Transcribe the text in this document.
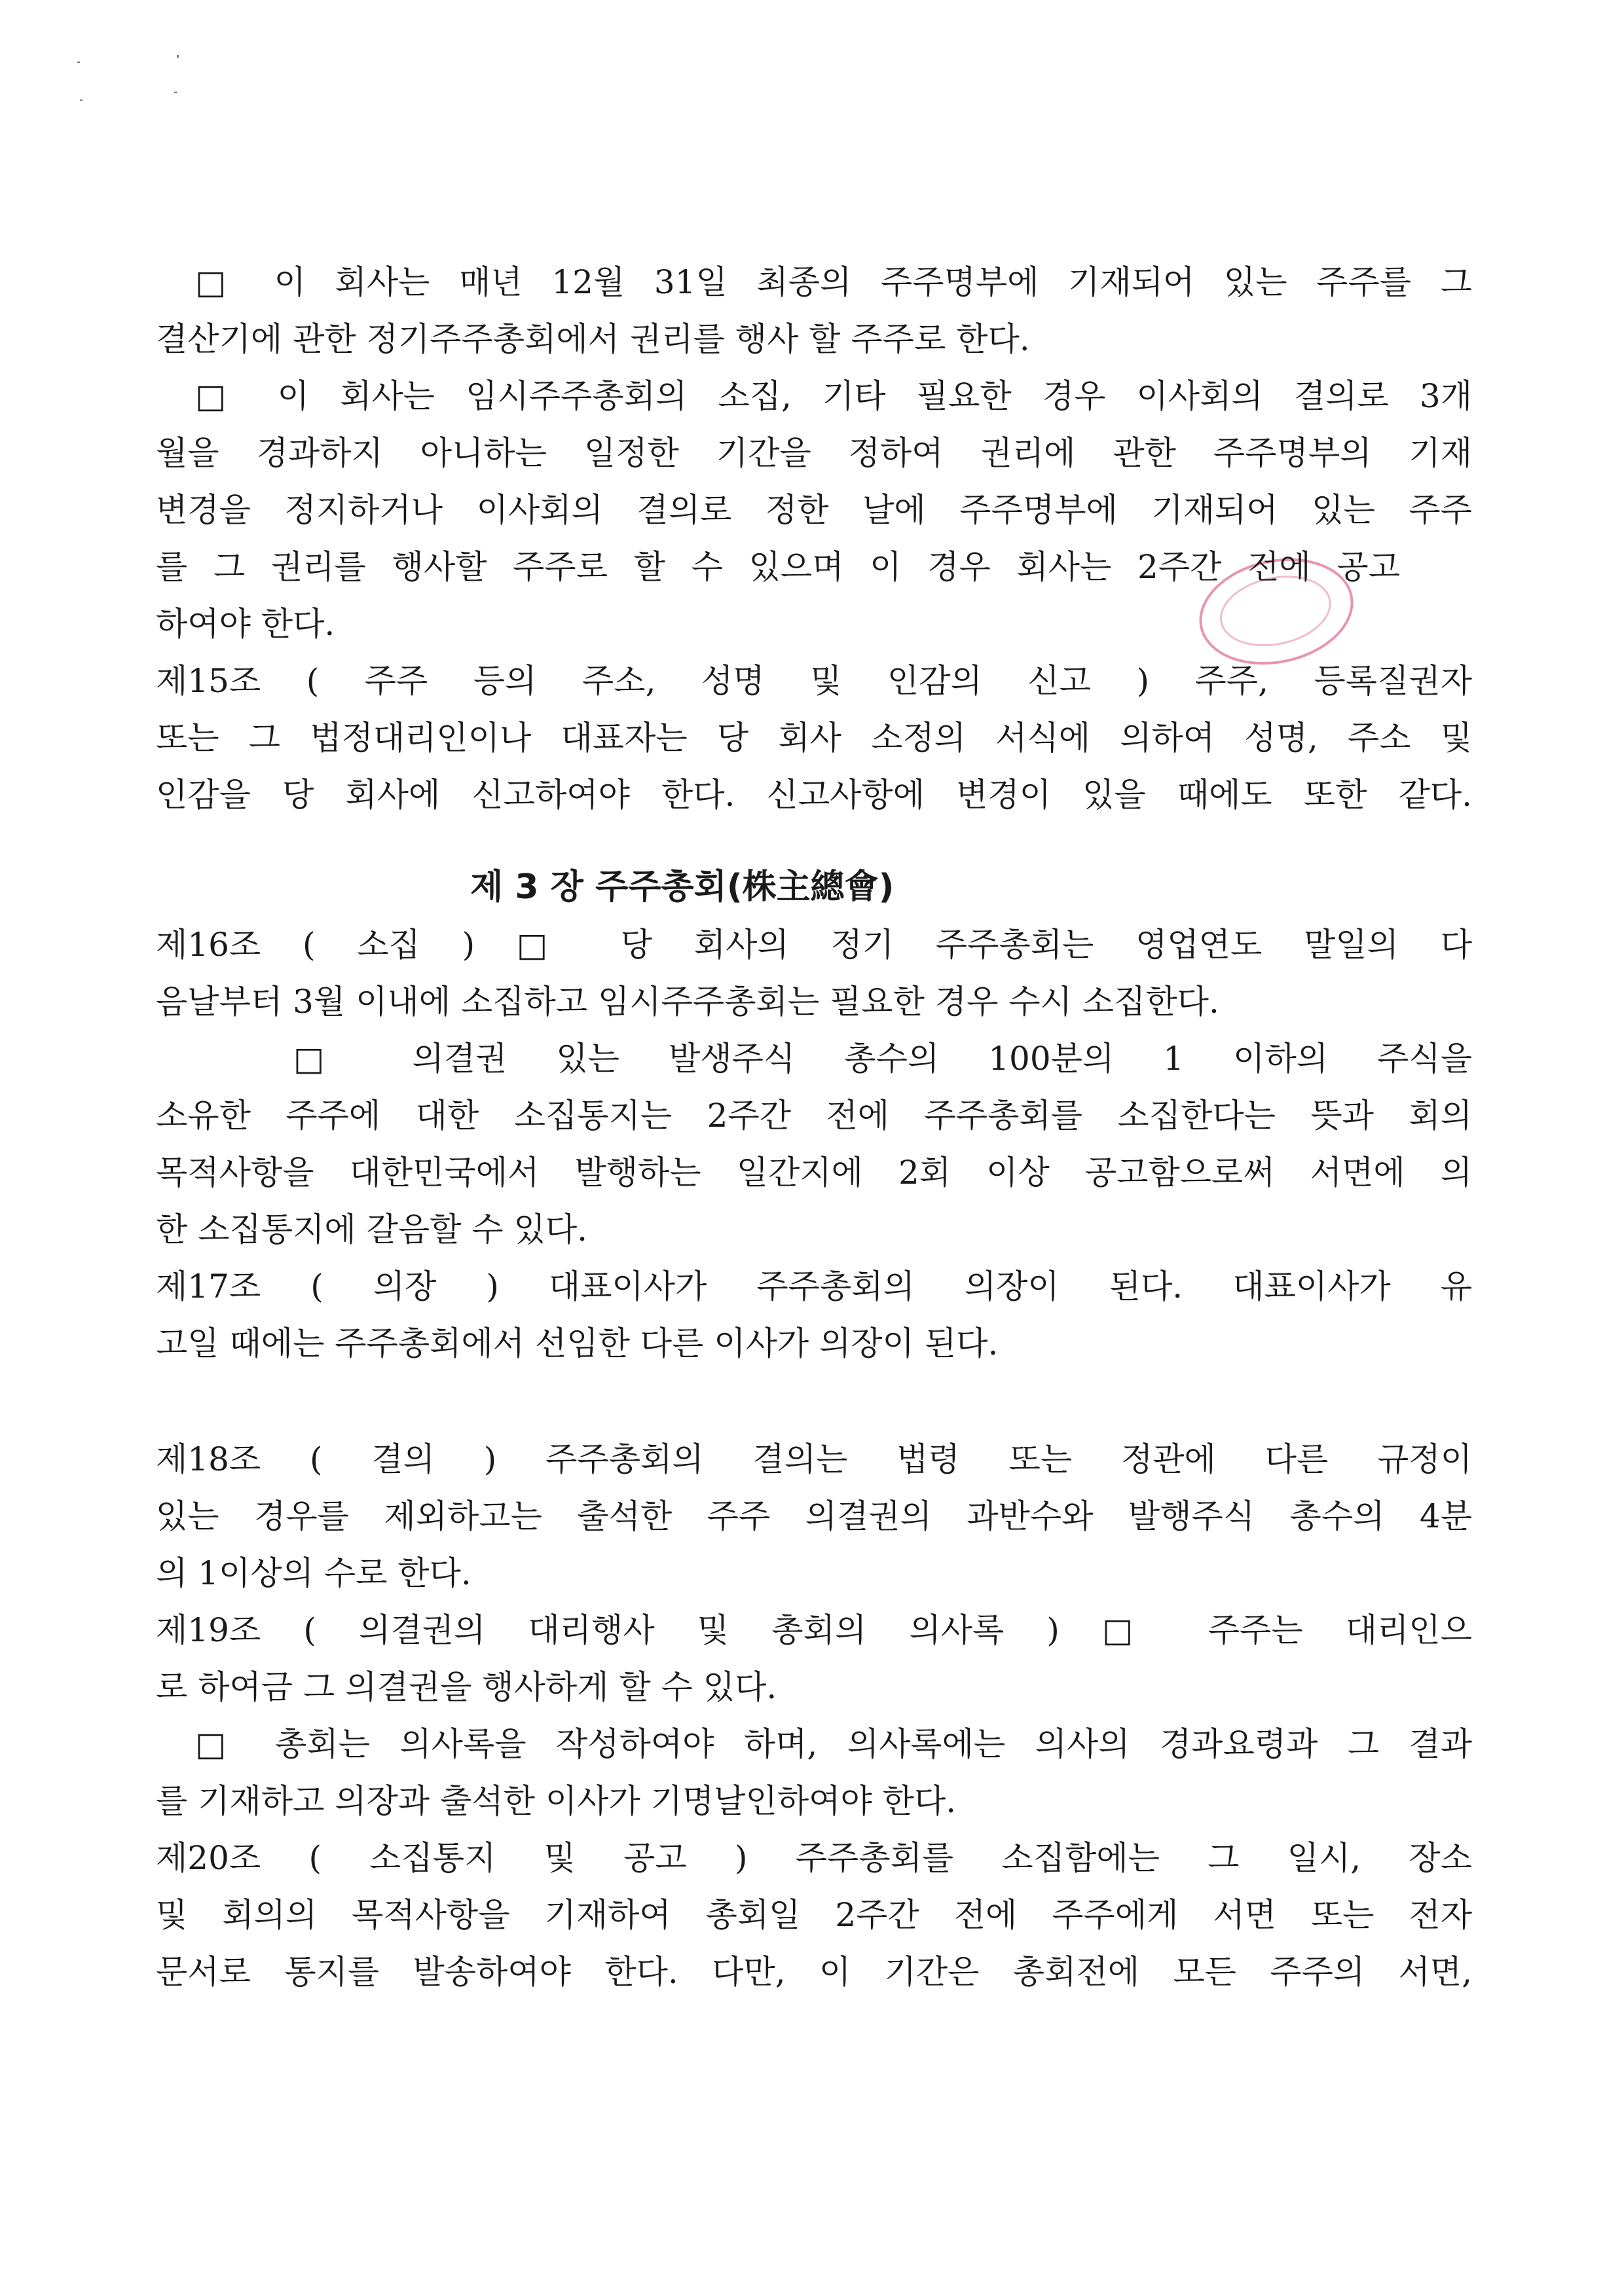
□ 이 회사는 매년 12월 31일 최종의 주주명부에 기재되어 있는 주주를 그
결산기에 관한 정기주주총회에서 권리를 행사 할 주주로 한다.
□ 이 회사는 임시주주총회의 소집, 기타 필요한 경우 이사회의 결의로 3개
월을 경과하지 아니하는 일정한 기간을 정하여 권리에 관한 주주명부의 기재
변경을 정지하거나 이사회의 결의로 정한 날에 주주명부에 기재되어 있는 주주
를 그 권리를 행사할 주주로 할 수 있으며 이 경우 회사는 2주간 전에 공고
하여야 한다.
제15조 ( 주주 등의 주소, 성명 및 인감의 신고 ) 주주, 등록질권자
또는 그 법정대리인이나 대표자는 당 회사 소정의 서식에 의하여 성명, 주소 및
인감을 당 회사에 신고하여야 한다. 신고사항에 변경이 있을 때에도 또한 같다.
제 3 장 주주총회(株主總會)
제16조 ( 소집 ) □ 당 회사의 정기 주주총회는 영업연도 말일의 다
음날부터 3월 이내에 소집하고 임시주주총회는 필요한 경우 수시 소집한다.
□ 의결권 있는 발생주식 총수의 100분의 1 이하의 주식을
소유한 주주에 대한 소집통지는 2주간 전에 주주총회를 소집한다는 뜻과 회의
목적사항을 대한민국에서 발행하는 일간지에 2회 이상 공고함으로써 서면에 의
한 소집통지에 갈음할 수 있다.
제17조 ( 의장 ) 대표이사가 주주총회의 의장이 된다. 대표이사가 유
고일 때에는 주주총회에서 선임한 다른 이사가 의장이 된다.
제18조 ( 결의 ) 주주총회의 결의는 법령 또는 정관에 다른 규정이
있는 경우를 제외하고는 출석한 주주 의결권의 과반수와 발행주식 총수의 4분
의 1이상의 수로 한다.
제19조 ( 의결권의 대리행사 및 총회의 의사록 ) □ 주주는 대리인으
로 하여금 그 의결권을 행사하게 할 수 있다.
□ 총회는 의사록을 작성하여야 하며, 의사록에는 의사의 경과요령과 그 결과
를 기재하고 의장과 출석한 이사가 기명날인하여야 한다.
제20조 ( 소집통지 및 공고 ) 주주총회를 소집함에는 그 일시, 장소
및 회의의 목적사항을 기재하여 총회일 2주간 전에 주주에게 서면 또는 전자
문서로 통지를 발송하여야 한다. 다만, 이 기간은 총회전에 모든 주주의 서면,
